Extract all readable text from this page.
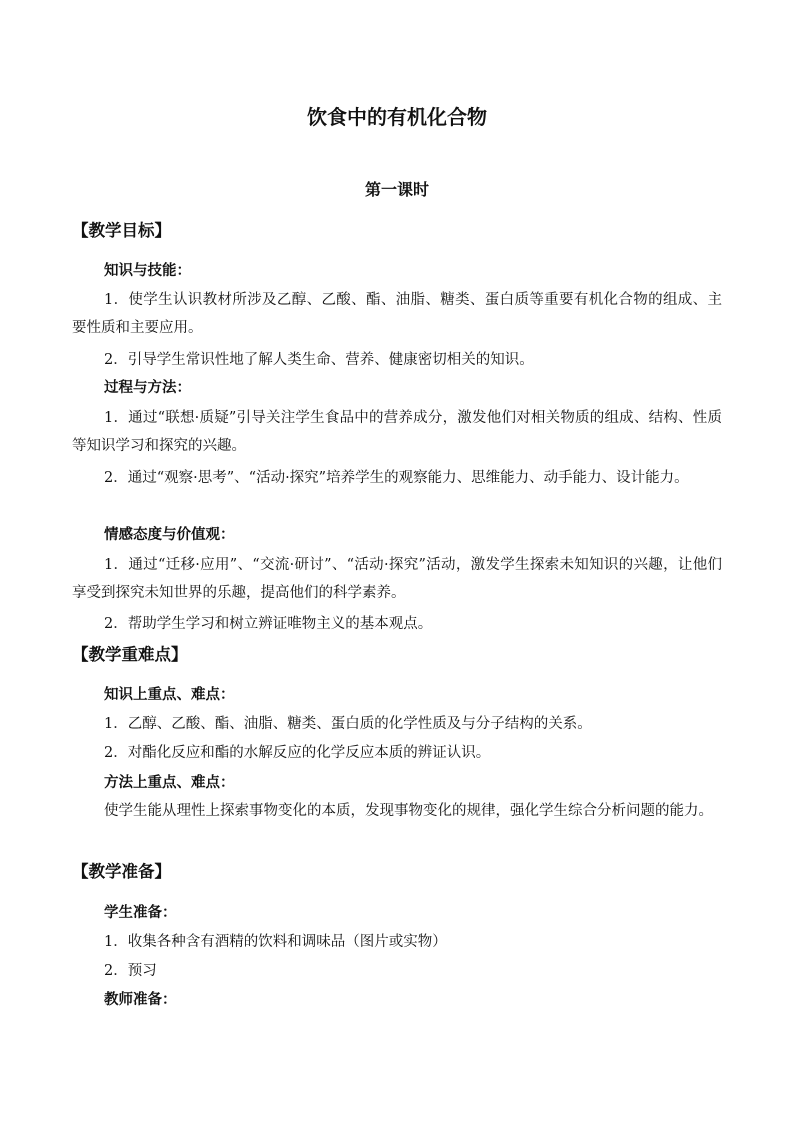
饮食中的有机化合物
第一课时
【教学目标】
知识与技能：
1．使学生认识教材所涉及乙醇、乙酸、酯、油脂、糖类、蛋白质等重要有机化合物的组成、主要性质和主要应用。
2．引导学生常识性地了解人类生命、营养、健康密切相关的知识。
过程与方法：
1．通过“联想·质疑”引导关注学生食品中的营养成分，激发他们对相关物质的组成、结构、性质等知识学习和探究的兴趣。
2．通过“观察·思考”、“活动·探究”培养学生的观察能力、思维能力、动手能力、设计能力。
情感态度与价值观：
1．通过“迁移·应用”、“交流·研讨”、“活动·探究”活动，激发学生探索未知知识的兴趣，让他们享受到探究未知世界的乐趣，提高他们的科学素养。
2．帮助学生学习和树立辨证唯物主义的基本观点。
【教学重难点】
知识上重点、难点：
1．乙醇、乙酸、酯、油脂、糖类、蛋白质的化学性质及与分子结构的关系。
2．对酯化反应和酯的水解反应的化学反应本质的辨证认识。
方法上重点、难点：
使学生能从理性上探索事物变化的本质，发现事物变化的规律，强化学生综合分析问题的能力。
【教学准备】
学生准备：
1．收集各种含有酒精的饮料和调味品（图片或实物）
2．预习
教师准备：
